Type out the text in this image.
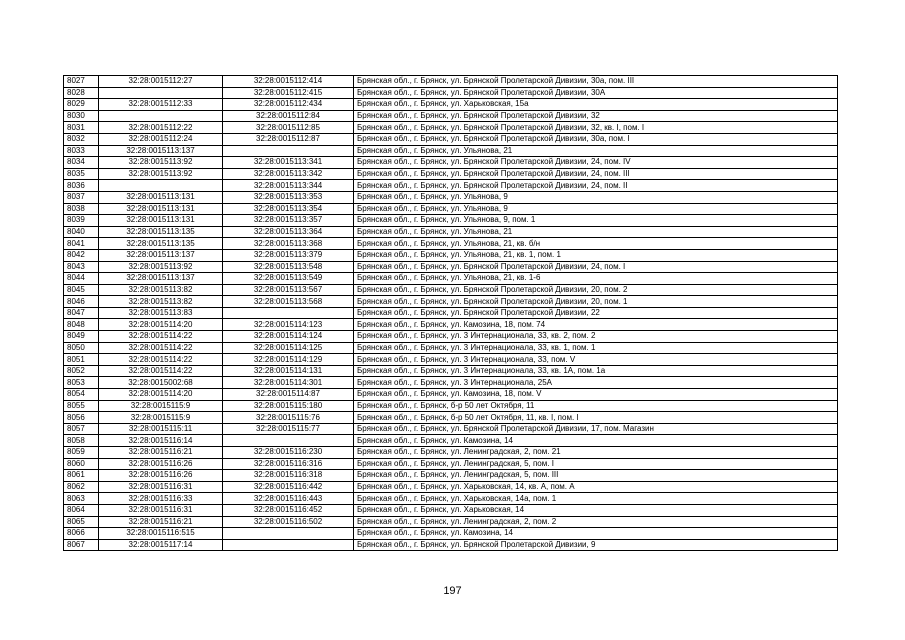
8027	32:28:0015112:27	32:28:0015112:414	Брянская обл., г. Брянск, ул. Брянской Пролетарской Дивизии, 30а, пом. III
8028		32:28:0015112:415	Брянская обл., г. Брянск, ул. Брянской Пролетарской Дивизии, 30А
8029	32:28:0015112:33	32:28:0015112:434	Брянская обл., г. Брянск, ул. Харьковская, 15а
8030		32:28:0015112:84	Брянская обл., г. Брянск, ул. Брянской Пролетарской Дивизии, 32
8031	32:28:0015112:22	32:28:0015112:85	Брянская обл., г. Брянск, ул. Брянской Пролетарской Дивизии, 32, кв. I, пом. I
8032	32:28:0015112:24	32:28:0015112:87	Брянская обл., г. Брянск, ул. Брянской Пролетарской Дивизии, 30а, пом. I
8033	32:28:0015113:137		Брянская обл., г. Брянск, ул. Ульянова, 21
8034	32:28:0015113:92	32:28:0015113:341	Брянская обл., г. Брянск, ул. Брянской Пролетарской Дивизии, 24, пом. IV
8035	32:28:0015113:92	32:28:0015113:342	Брянская обл., г. Брянск, ул. Брянской Пролетарской Дивизии, 24, пом. III
8036		32:28:0015113:344	Брянская обл., г. Брянск, ул. Брянской Пролетарской Дивизии, 24, пом. II
8037	32:28:0015113:131	32:28:0015113:353	Брянская обл., г. Брянск, ул. Ульянова, 9
8038	32:28:0015113:131	32:28:0015113:354	Брянская обл., г. Брянск, ул. Ульянова, 9
8039	32:28:0015113:131	32:28:0015113:357	Брянская обл., г. Брянск, ул. Ульянова, 9, пом. 1
8040	32:28:0015113:135	32:28:0015113:364	Брянская обл., г. Брянск, ул. Ульянова, 21
8041	32:28:0015113:135	32:28:0015113:368	Брянская обл., г. Брянск, ул. Ульянова, 21, кв. б/н
8042	32:28:0015113:137	32:28:0015113:379	Брянская обл., г. Брянск, ул. Ульянова, 21, кв. 1, пом. 1
8043	32:28:0015113:92	32:28:0015113:548	Брянская обл., г. Брянск, ул. Брянской Пролетарской Дивизии, 24, пом. I
8044	32:28:0015113:137	32:28:0015113:549	Брянская обл., г. Брянск, ул. Ульянова, 21, кв. 1-6
8045	32:28:0015113:82	32:28:0015113:567	Брянская обл., г. Брянск, ул. Брянской Пролетарской Дивизии, 20, пом. 2
8046	32:28:0015113:82	32:28:0015113:568	Брянская обл., г. Брянск, ул. Брянской Пролетарской Дивизии, 20, пом. 1
8047	32:28:0015113:83		Брянская обл., г. Брянск, ул. Брянской Пролетарской Дивизии, 22
8048	32:28:0015114:20	32:28:0015114:123	Брянская обл., г. Брянск, ул. Камозина, 18, пом. 74
8049	32:28:0015114:22	32:28:0015114:124	Брянская обл., г. Брянск, ул. 3 Интернационала, 33, кв. 2, пом. 2
8050	32:28:0015114:22	32:28:0015114:125	Брянская обл., г. Брянск, ул. 3 Интернационала, 33, кв. 1, пом. 1
8051	32:28:0015114:22	32:28:0015114:129	Брянская обл., г. Брянск, ул. 3 Интернационала, 33, пом. V
8052	32:28:0015114:22	32:28:0015114:131	Брянская обл., г. Брянск, ул. 3 Интернационала, 33, кв. 1А, пом. 1а
8053	32:28:0015002:68	32:28:0015114:301	Брянская обл., г. Брянск, ул. 3 Интернационала, 25А
8054	32:28:0015114:20	32:28:0015114:87	Брянская обл., г. Брянск, ул. Камозина, 18, пом. V
8055	32:28:0015115:9	32:28:0015115:180	Брянская обл., г. Брянск, б-р 50 лет Октября, 11
8056	32:28:0015115:9	32:28:0015115:76	Брянская обл., г. Брянск, б-р 50 лет Октября, 11, кв. I, пом. I
8057	32:28:0015115:11	32:28:0015115:77	Брянская обл., г. Брянск, ул. Брянской Пролетарской Дивизии, 17, пом. Магазин
8058	32:28:0015116:14		Брянская обл., г. Брянск, ул. Камозина, 14
8059	32:28:0015116:21	32:28:0015116:230	Брянская обл., г. Брянск, ул. Ленинградская, 2, пом. 21
8060	32:28:0015116:26	32:28:0015116:316	Брянская обл., г. Брянск, ул. Ленинградская, 5, пом. I
8061	32:28:0015116:26	32:28:0015116:318	Брянская обл., г. Брянск, ул. Ленинградская, 5, пом. III
8062	32:28:0015116:31	32:28:0015116:442	Брянская обл., г. Брянск, ул. Харьковская, 14, кв. А, пом. А
8063	32:28:0015116:33	32:28:0015116:443	Брянская обл., г. Брянск, ул. Харьковская, 14а, пом. 1
8064	32:28:0015116:31	32:28:0015116:452	Брянская обл., г. Брянск, ул. Харьковская, 14
8065	32:28:0015116:21	32:28:0015116:502	Брянская обл., г. Брянск, ул. Ленинградская, 2, пом. 2
8066	32:28:0015116:515		Брянская обл., г. Брянск, ул. Камозина, 14
8067	32:28:0015117:14		Брянская обл., г. Брянск, ул. Брянской Пролетарской Дивизии, 9
197
